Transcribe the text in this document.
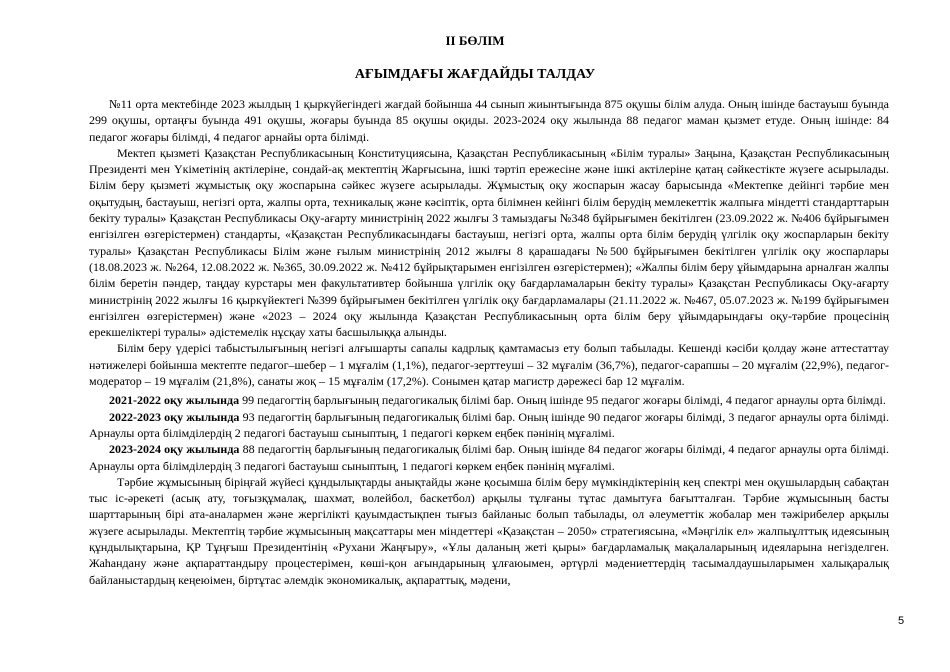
II БӨЛІМ
АҒЫМДАҒЫ ЖАҒДАЙДЫ ТАЛДАУ

№11 орта мектебінде 2023 жылдың 1 қыркүйегіндегі жағдай бойынша 44 сынып жиынтығында 875 оқушы білім алуда. Оның ішінде бастауыш буында 299 оқушы, ортаңғы буында 491 оқушы, жоғары буында 85 оқушы оқиды. 2023-2024 оқу жылында 88 педагог маман қызмет етуде. Оның ішінде: 84 педагог жоғары білімді, 4 педагог арнайы орта білімді.

Мектеп қызметі Қазақстан Республикасының Конституциясына, Қазақстан Республикасының «Білім туралы» Заңына, Қазақстан Республикасының Президенті мен Үкіметінің актілеріне, сондай-ақ мектептің Жарғысына, ішкі тәртіп ережесіне және ішкі актілеріне қатаң сәйкестікте жүзеге асырылады. Білім беру қызметі жұмыстық оқу жоспарына сәйкес жүзеге асырылады. Жұмыстық оқу жоспарын жасау барысында «Мектепке дейінгі тәрбие мен оқытудың, бастауыш, негізгі орта, жалпы орта, техникалық және кәсіптік, орта білімнен кейінгі білім берудің мемлекеттік жалпыға міндетті стандарттарын бекіту туралы» Қазақстан Республикасы Оқу-ағарту министрінің 2022 жылғы 3 тамыздағы №348 бұйрығымен бекітілген (23.09.2022 ж. №406 бұйрығымен енгізілген өзгерістермен) стандарты, «Қазақстан Республикасындағы бастауыш, негізгі орта, жалпы орта білім берудің үлгілік оқу жоспарларын бекіту туралы» Қазақстан Республикасы Білім және ғылым министрінің 2012 жылғы 8 қарашадағы №500 бұйрығымен бекітілген үлгілік оқу жоспарлары (18.08.2023 ж. №264, 12.08.2022 ж. №365, 30.09.2022 ж. №412 бұйрықтарымен енгізілген өзгерістермен); «Жалпы білім беру ұйымдарына арналған жалпы білім беретін пәндер, таңдау курстары мен факультативтер бойынша үлгілік оқу бағдарламаларын бекіту туралы» Қазақстан Республикасы Оқу-ағарту министрінің 2022 жылғы 16 қыркүйектегі №399 бұйрығымен бекітілген үлгілік оқу бағдарламалары (21.11.2022 ж. №467, 05.07.2023 ж. №199 бұйрығымен енгізілген өзгерістермен) және «2023 – 2024 оқу жылында Қазақстан Республикасының орта білім беру ұйымдарындағы оқу-тәрбие процесінің ерекшеліктері туралы» әдістемелік нұсқау хаты басшылыққа алынды.

Білім беру үдерісі табыстылығының негізгі алғышарты сапалы кадрлық қамтамасыз ету болып табылады. Кешенді кәсіби қолдау және аттестаттау нәтижелері бойынша мектепте педагог–шебер – 1 мұғалім (1,1%), педагог-зерттеуші – 32 мұғалім (36,7%), педагог-сарапшы – 20 мұғалім (22,9%), педагог-модератор – 19 мұғалім (21,8%), санаты жоқ – 15 мұғалім (17,2%). Сонымен қатар магистр дәрежесі бар 12 мұғалім.

2021-2022 оқу жылында 99 педагогтің барлығының педагогикалық білімі бар. Оның ішінде 95 педагог жоғары білімді, 4 педагог арнаулы орта білімді.

2022-2023 оқу жылында 93 педагогтің барлығының педагогикалық білімі бар. Оның ішінде 90 педагог жоғары білімді, 3 педагог арнаулы орта білімді. Арнаулы орта білімділердің 2 педагогі бастауыш сыныптың, 1 педагогі көркем еңбек пәнінің мұғалімі.

2023-2024 оқу жылында 88 педагогтің барлығының педагогикалық білімі бар. Оның ішінде 84 педагог жоғары білімді, 4 педагог арнаулы орта білімді. Арнаулы орта білімділердің 3 педагогі бастауыш сыныптың, 1 педагогі көркем еңбек пәнінің мұғалімі.

Тәрбие жұмысының біріңғай жүйесі құндылықтарды анықтайды және қосымша білім беру мүмкіндіктерінің кең спектрі мен оқушылардың сабақтан тыс іс-әрекеті (асық ату, тоғызқұмалақ, шахмат, волейбол, баскетбол) арқылы тұлғаны тұтас дамытуға бағытталған. Тәрбие жұмысының басты шарттарының бірі ата-аналармен және жергілікті қауымдастықпен тығыз байланыс болып табылады, ол әлеуметтік жобалар мен тәжірибелер арқылы жүзеге асырылады. Мектептің тәрбие жұмысының мақсаттары мен міндеттері «Қазақстан – 2050» стратегиясына, «Мәңгілік ел» жалпыұлттық идеясының құндылықтарына, ҚР Тұңғыш Президентінің «Рухани Жаңғыру», «Ұлы даланың жеті қыры» бағдарламалық мақалаларының идеяларына негізделген. Жаһандану және ақпараттандыру процестерімен, көші-қон ағындарының ұлғаюымен, әртүрлі мәдениеттердің тасымалдаушыларымен халықаралық байланыстардың кеңеюімен, біртұтас әлемдік экономикалық, ақпараттық, мәдени,

5
